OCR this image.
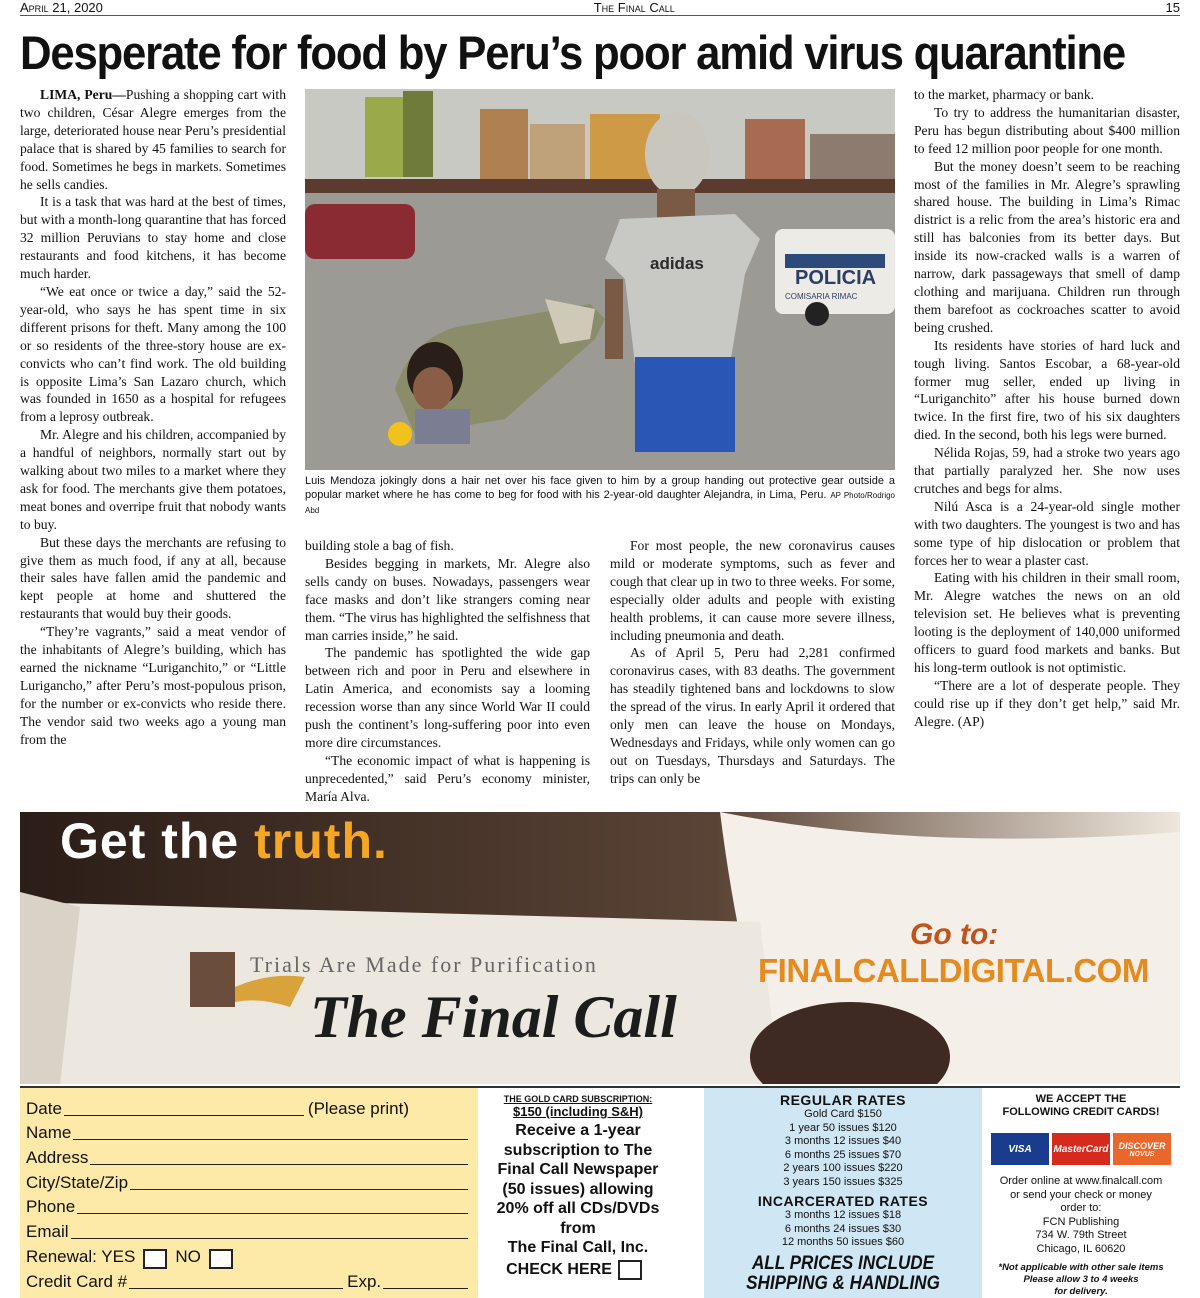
April 21, 2020	The Final Call	15
Desperate for food by Peru’s poor amid virus quarantine

LIMA, Peru—Pushing a shopping cart with two children, César Alegre emerges from the large, deteriorated house near Peru’s presidential palace that is shared by 45 families to search for food. Sometimes he begs in markets. Sometimes he sells candies.

It is a task that was hard at the best of times, but with a month-long quarantine that has forced 32 million Peruvians to stay home and close restaurants and food kitchens, it has become much harder.

“We eat once or twice a day,” said the 52-year-old, who says he has spent time in six different prisons for theft. Many among the 100 or so residents of the three-story house are ex-convicts who can’t find work. The old building is opposite Lima’s San Lazaro church, which was founded in 1650 as a hospital for refugees from a leprosy outbreak.

Mr. Alegre and his children, accompanied by a handful of neighbors, normally start out by walking about two miles to a market where they ask for food. The merchants give them potatoes, meat bones and overripe fruit that nobody wants to buy.

But these days the merchants are refusing to give them as much food, if any at all, because their sales have fallen amid the pandemic and kept people at home and shuttered the restaurants that would buy their goods.

“They’re vagrants,” said a meat vendor of the inhabitants of Alegre’s building, which has earned the nickname “Luriganchito,” or “Little Lurigancho,” after Peru’s most-populous prison, for the number or ex-convicts who reside there. The vendor said two weeks ago a young man from the

POLICIA
COMISARIA RIMAC
adidas
Luis Mendoza jokingly dons a hair net over his face given to him by a group handing out protective gear outside a popular market where he has come to beg for food with his 2-year-old daughter Alejandra, in Lima, Peru. AP Photo/Rodrigo Abd

building stole a bag of fish.

Besides begging in markets, Mr. Alegre also sells candy on buses. Nowadays, passengers wear face masks and don’t like strangers coming near them. “The virus has highlighted the selfishness that man carries inside,” he said.

The pandemic has spotlighted the wide gap between rich and poor in Peru and elsewhere in Latin America, and economists say a looming recession worse than any since World War II could push the continent’s long-suffering poor into even more dire circumstances.

“The economic impact of what is happening is unprecedented,” said Peru’s economy minister, María Alva.

For most people, the new coronavirus causes mild or moderate symptoms, such as fever and cough that clear up in two to three weeks. For some, especially older adults and people with existing health problems, it can cause more severe illness, including pneumonia and death.

As of April 5, Peru had 2,281 confirmed coronavirus cases, with 83 deaths. The government has steadily tightened bans and lockdowns to slow the spread of the virus. In early April it ordered that only men can leave the house on Mondays, Wednesdays and Fridays, while only women can go out on Tuesdays, Thursdays and Saturdays. The trips can only be

to the market, pharmacy or bank.

To try to address the humanitarian disaster, Peru has begun distributing about $400 million to feed 12 million poor people for one month.

But the money doesn’t seem to be reaching most of the families in Mr. Alegre’s sprawling shared house. The building in Lima’s Rimac district is a relic from the area’s historic era and still has balconies from its better days. But inside its now-cracked walls is a warren of narrow, dark passageways that smell of damp clothing and marijuana. Children run through them barefoot as cockroaches scatter to avoid being crushed.

Its residents have stories of hard luck and tough living. Santos Escobar, a 68-year-old former mug seller, ended up living in “Luriganchito” after his house burned down twice. In the first fire, two of his six daughters died. In the second, both his legs were burned.

Nélida Rojas, 59, had a stroke two years ago that partially paralyzed her. She now uses crutches and begs for alms.

Nilú Asca is a 24-year-old single mother with two daughters. The youngest is two and has some type of hip dislocation or problem that forces her to wear a plaster cast.

Eating with his children in their small room, Mr. Alegre watches the news on an old television set. He believes what is preventing looting is the deployment of 140,000 uniformed officers to guard food markets and banks. But his long-term outlook is not optimistic.

“There are a lot of desperate people. They could rise up if they don’t get help,” said Mr. Alegre. (AP)

Trials Are Made for Purification
The Final Call
Get the truth.
Go to:
FINALCALLDIGITAL.COM
Date	(Please print)
Name
Address
City/State/Zip
Phone
Email
Renewal: YES NO
Credit Card #	Exp.
THE GOLD CARD SUBSCRIPTION:
$150 (including S&H)
Receive a 1-year
subscription to The
Final Call Newspaper
(50 issues) allowing
20% off all CDs/DVDs
from
The Final Call, Inc.
CHECK HERE
REGULAR RATES
Gold Card $150
1 year 50 issues $120
3 months 12 issues $40
6 months 25 issues $70
2 years 100 issues $220
3 years 150 issues $325
INCARCERATED RATES
3 months 12 issues $18
6 months 24 issues $30
12 months 50 issues $60
ALL PRICES INCLUDE
SHIPPING & HANDLING
WE ACCEPT THE
FOLLOWING CREDIT CARDS!
VISA MasterCard DISCOVER
NOVUS
Order online at www.finalcall.com
or send your check or money
order to:
FCN Publishing
734 W. 79th Street
Chicago, IL 60620
*Not applicable with other sale items
Please allow 3 to 4 weeks
for delivery.
